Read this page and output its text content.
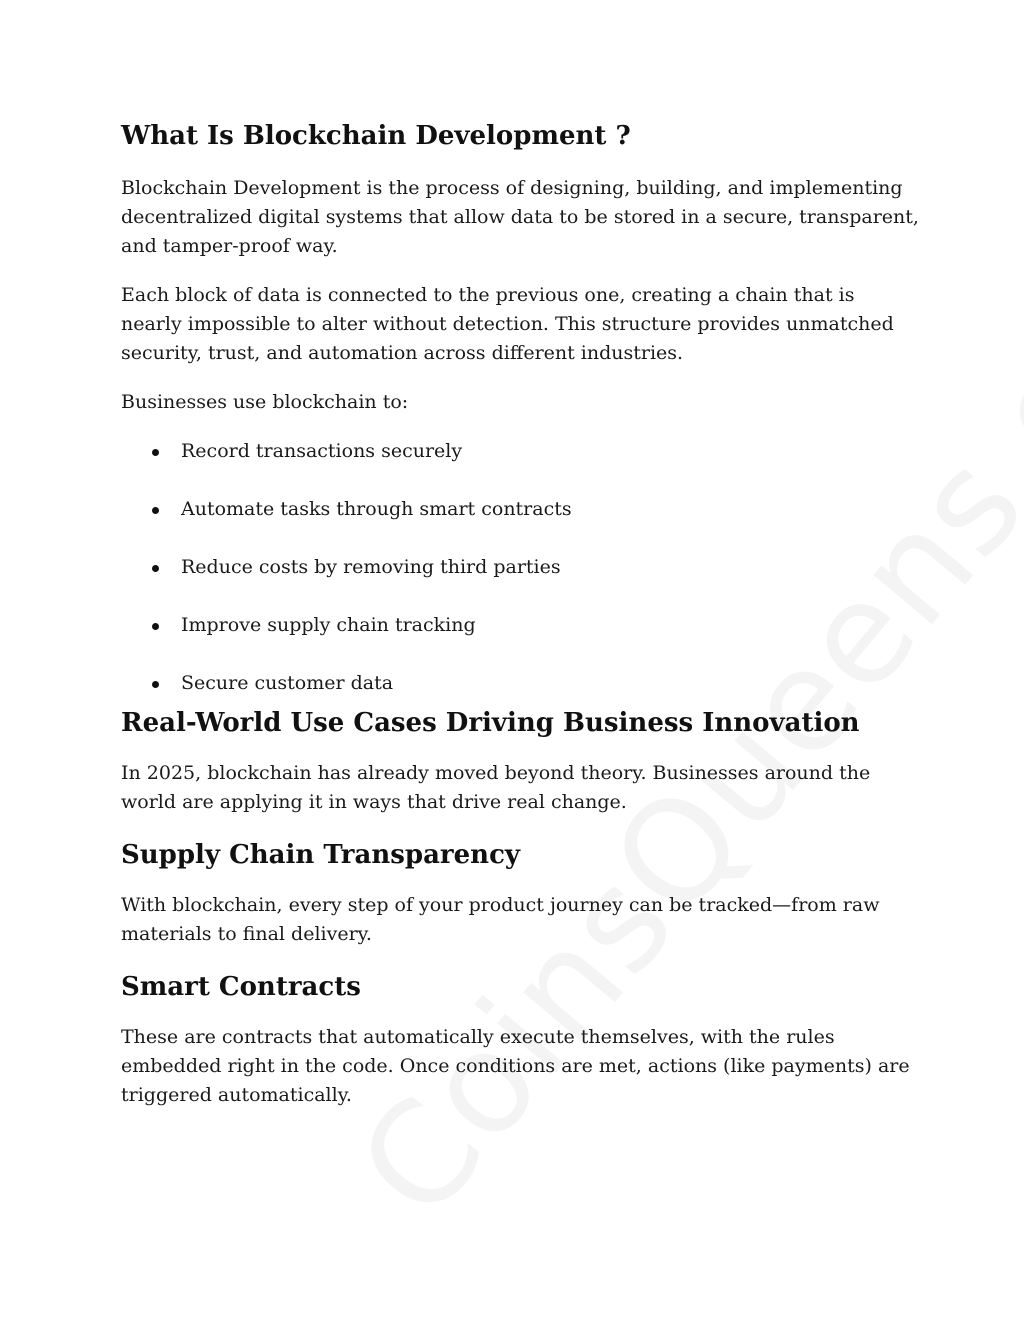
What Is Blockchain Development ?

Blockchain Development is the process of designing, building, and implementing decentralized digital systems that allow data to be stored in a secure, transparent, and tamper-proof way.

Each block of data is connected to the previous one, creating a chain that is nearly impossible to alter without detection. This structure provides unmatched security, trust, and automation across different industries.

Businesses use blockchain to:

Record transactions securely
Automate tasks through smart contracts
Reduce costs by removing third parties
Improve supply chain tracking
Secure customer data
Real-World Use Cases Driving Business Innovation

In 2025, blockchain has already moved beyond theory. Businesses around the world are applying it in ways that drive real change.

Supply Chain Transparency

With blockchain, every step of your product journey can be tracked—from raw materials to final delivery.

Smart Contracts

These are contracts that automatically execute themselves, with the rules embedded right in the code. Once conditions are met, actions (like payments) are triggered automatically.
